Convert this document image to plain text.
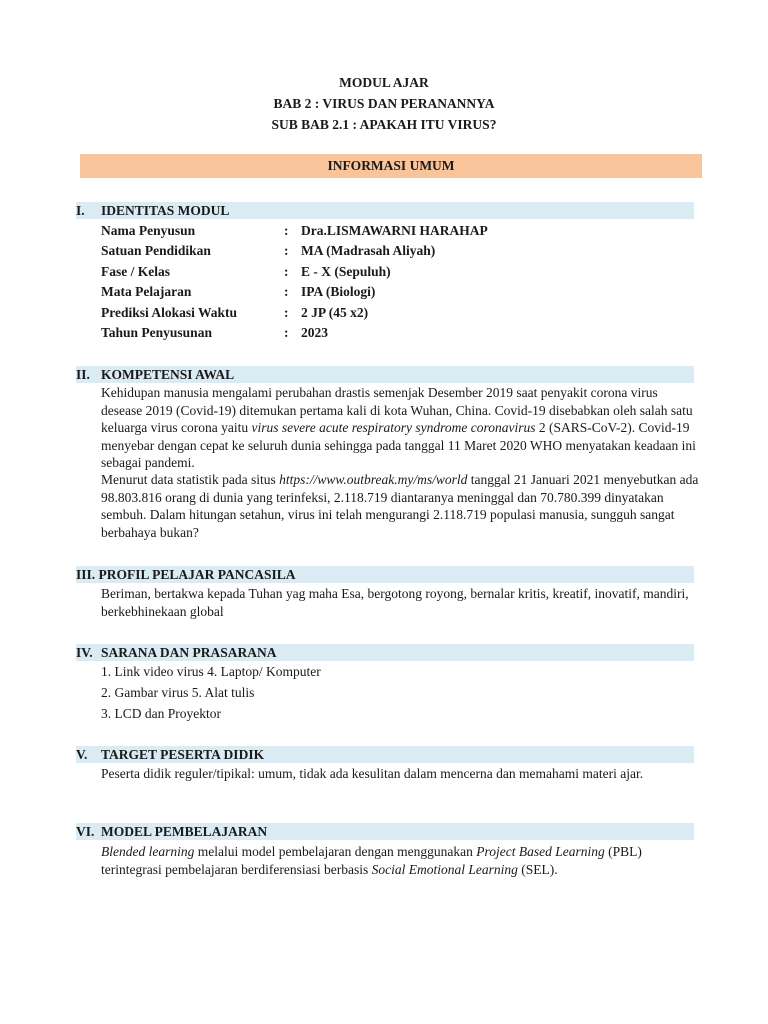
MODUL AJAR
BAB 2 : VIRUS DAN PERANANNYA
SUB BAB 2.1 : APAKAH ITU VIRUS?
INFORMASI UMUM
I. IDENTITAS MODUL
Nama Penyusun	: Dra.LISMAWARNI HARAHAP
Satuan Pendidikan	: MA (Madrasah Aliyah)
Fase / Kelas	: E - X (Sepuluh)
Mata Pelajaran	: IPA (Biologi)
Prediksi Alokasi Waktu	: 2 JP (45 x2)
Tahun Penyusunan	: 2023
II. KOMPETENSI AWAL
Kehidupan manusia mengalami perubahan drastis semenjak Desember 2019 saat penyakit corona virus desease 2019 (Covid-19) ditemukan pertama kali di kota Wuhan, China. Covid-19 disebabkan oleh salah satu keluarga virus corona yaitu virus severe acute respiratory syndrome coronavirus 2 (SARS-CoV-2). Covid-19 menyebar dengan cepat ke seluruh dunia sehingga pada tanggal 11 Maret 2020 WHO menyatakan keadaan ini sebagai pandemi.
Menurut data statistik pada situs https://www.outbreak.my/ms/world tanggal 21 Januari 2021 menyebutkan ada 98.803.816 orang di dunia yang terinfeksi, 2.118.719 diantaranya meninggal dan 70.780.399 dinyatakan sembuh. Dalam hitungan setahun, virus ini telah mengurangi 2.118.719 populasi manusia, sungguh sangat berbahaya bukan?
III. PROFIL PELAJAR PANCASILA
Beriman, bertakwa kepada Tuhan yag maha Esa, bergotong royong, bernalar kritis, kreatif, inovatif, mandiri, berkebhinekaan global
IV. SARANA DAN PRASARANA
1. Link video virus 4. Laptop/ Komputer
2. Gambar virus 5. Alat tulis
3. LCD dan Proyektor
V. TARGET PESERTA DIDIK
Peserta didik reguler/tipikal: umum, tidak ada kesulitan dalam mencerna dan memahami materi ajar.
VI. MODEL PEMBELAJARAN
Blended learning melalui model pembelajaran dengan menggunakan Project Based Learning (PBL) terintegrasi pembelajaran berdiferensiasi berbasis Social Emotional Learning (SEL).
